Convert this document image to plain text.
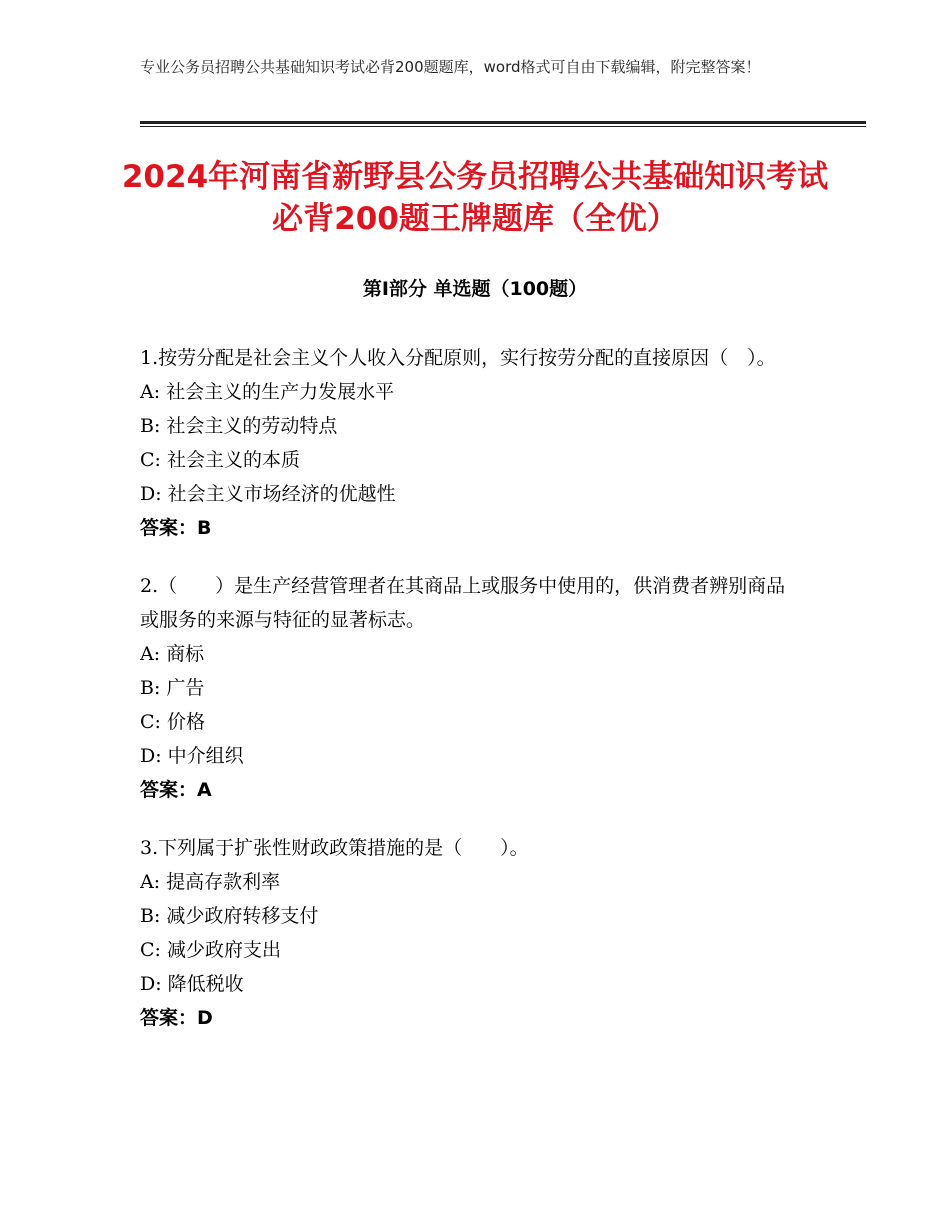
专业公务员招聘公共基础知识考试必背200题题库，word格式可自由下载编辑，附完整答案！
2024年河南省新野县公务员招聘公共基础知识考试必背200题王牌题库（全优）
第Ⅰ部分 单选题（100题）

1.按劳分配是社会主义个人收入分配原则，实行按劳分配的直接原因（　）。

A: 社会主义的生产力发展水平

B: 社会主义的劳动特点

C: 社会主义的本质

D: 社会主义市场经济的优越性

答案：B

2.（　　）是生产经营管理者在其商品上或服务中使用的，供消费者辨别商品或服务的来源与特征的显著标志。

A: 商标

B: 广告

C: 价格

D: 中介组织

答案：A

3.下列属于扩张性财政政策措施的是（　　）。

A: 提高存款利率

B: 减少政府转移支付

C: 减少政府支出

D: 降低税收

答案：D
